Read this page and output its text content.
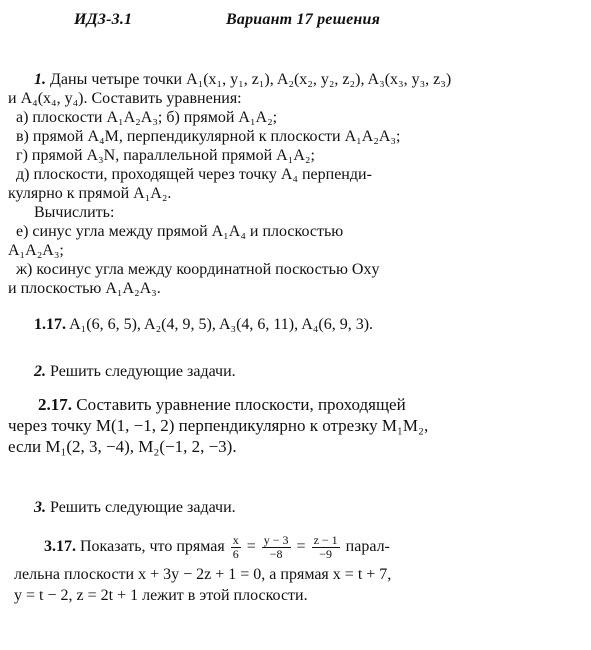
ИДЗ-3.1	Вариант 17 решения
1. Даны четыре точки A₁(x₁, y₁, z₁), A₂(x₂, y₂, z₂), A₃(x₃, y₃, z₃)
и A₄(x₄, y₄). Составить уравнения:
а) плоскости A₁A₂A₃; б) прямой A₁A₂;
в) прямой A₄M, перпендикулярной к плоскости A₁A₂A₃;
г) прямой A₃N, параллельной прямой A₁A₂;
д) плоскости, проходящей через точку A₄ перпенди-
кулярно к прямой A₁A₂.
Вычислить:
е) синус угла между прямой A₁A₄ и плоскостью
A₁A₂A₃;
ж) косинус угла между координатной поскостью Oxy
и плоскостью A₁A₂A₃.
1.17. A₁(6, 6, 5), A₂(4, 9, 5), A₃(4, 6, 11), A₄(6, 9, 3).
2. Решить следующие задачи.
2.17. Составить уравнение плоскости, проходящей
через точку M(1, −1, 2) перпендикулярно к отрезку M₁M₂,
если M₁(2, 3, −4), M₂(−1, 2, −3).
3. Решить следующие задачи.
3.17. Показать, что прямая $\frac{x}{6} = \frac{y - 3}{-8} = \frac{z - 1}{-9}$ парал-
лельна плоскости x + 3y − 2z + 1 = 0, а прямая x = t + 7,
y = t − 2, z = 2t + 1 лежит в этой плоскости.
